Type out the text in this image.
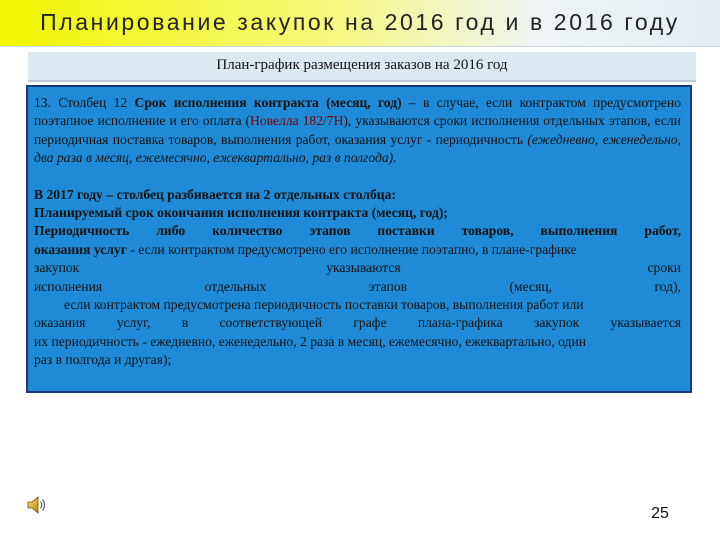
Планирование закупок на 2016 год и в 2016 году
План-график размещения заказов на 2016 год

13. Столбец 12 Срок исполнения контракта (месяц, год) – в случае, если контрактом предусмотрено поэтапное исполнение и его оплата (Новелла 182/7Н), указываются сроки исполнения отдельных этапов, если периодичная поставка товаров, выполнения работ, оказания услуг ‑ периодичность (ежедневно, еженедельно, два раза в месяц, ежемесячно, ежеквартально, раз в полгода).

В 2017 году – столбец разбивается на 2 отдельных столбца:

Планируемый срок окончания исполнения контракта (месяц, год);

Периодичность либо количество этапов поставки товаров, выполнения работ,

оказания услуг ‑ если контрактом предусмотрено его исполнение поэтапно, в плане-графике

закупок	указываются	сроки

исполнения	отдельных	этапов	(месяц,	год),

если контрактом предусмотрена периодичность поставки товаров, выполнения работ или

оказания услуг, в соответствующей графе плана-графика закупок указывается

их периодичность ‑ ежедневно, еженедельно, 2 раза в месяц, ежемесячно, ежеквартально, один

раз в полгода и другая);

25
